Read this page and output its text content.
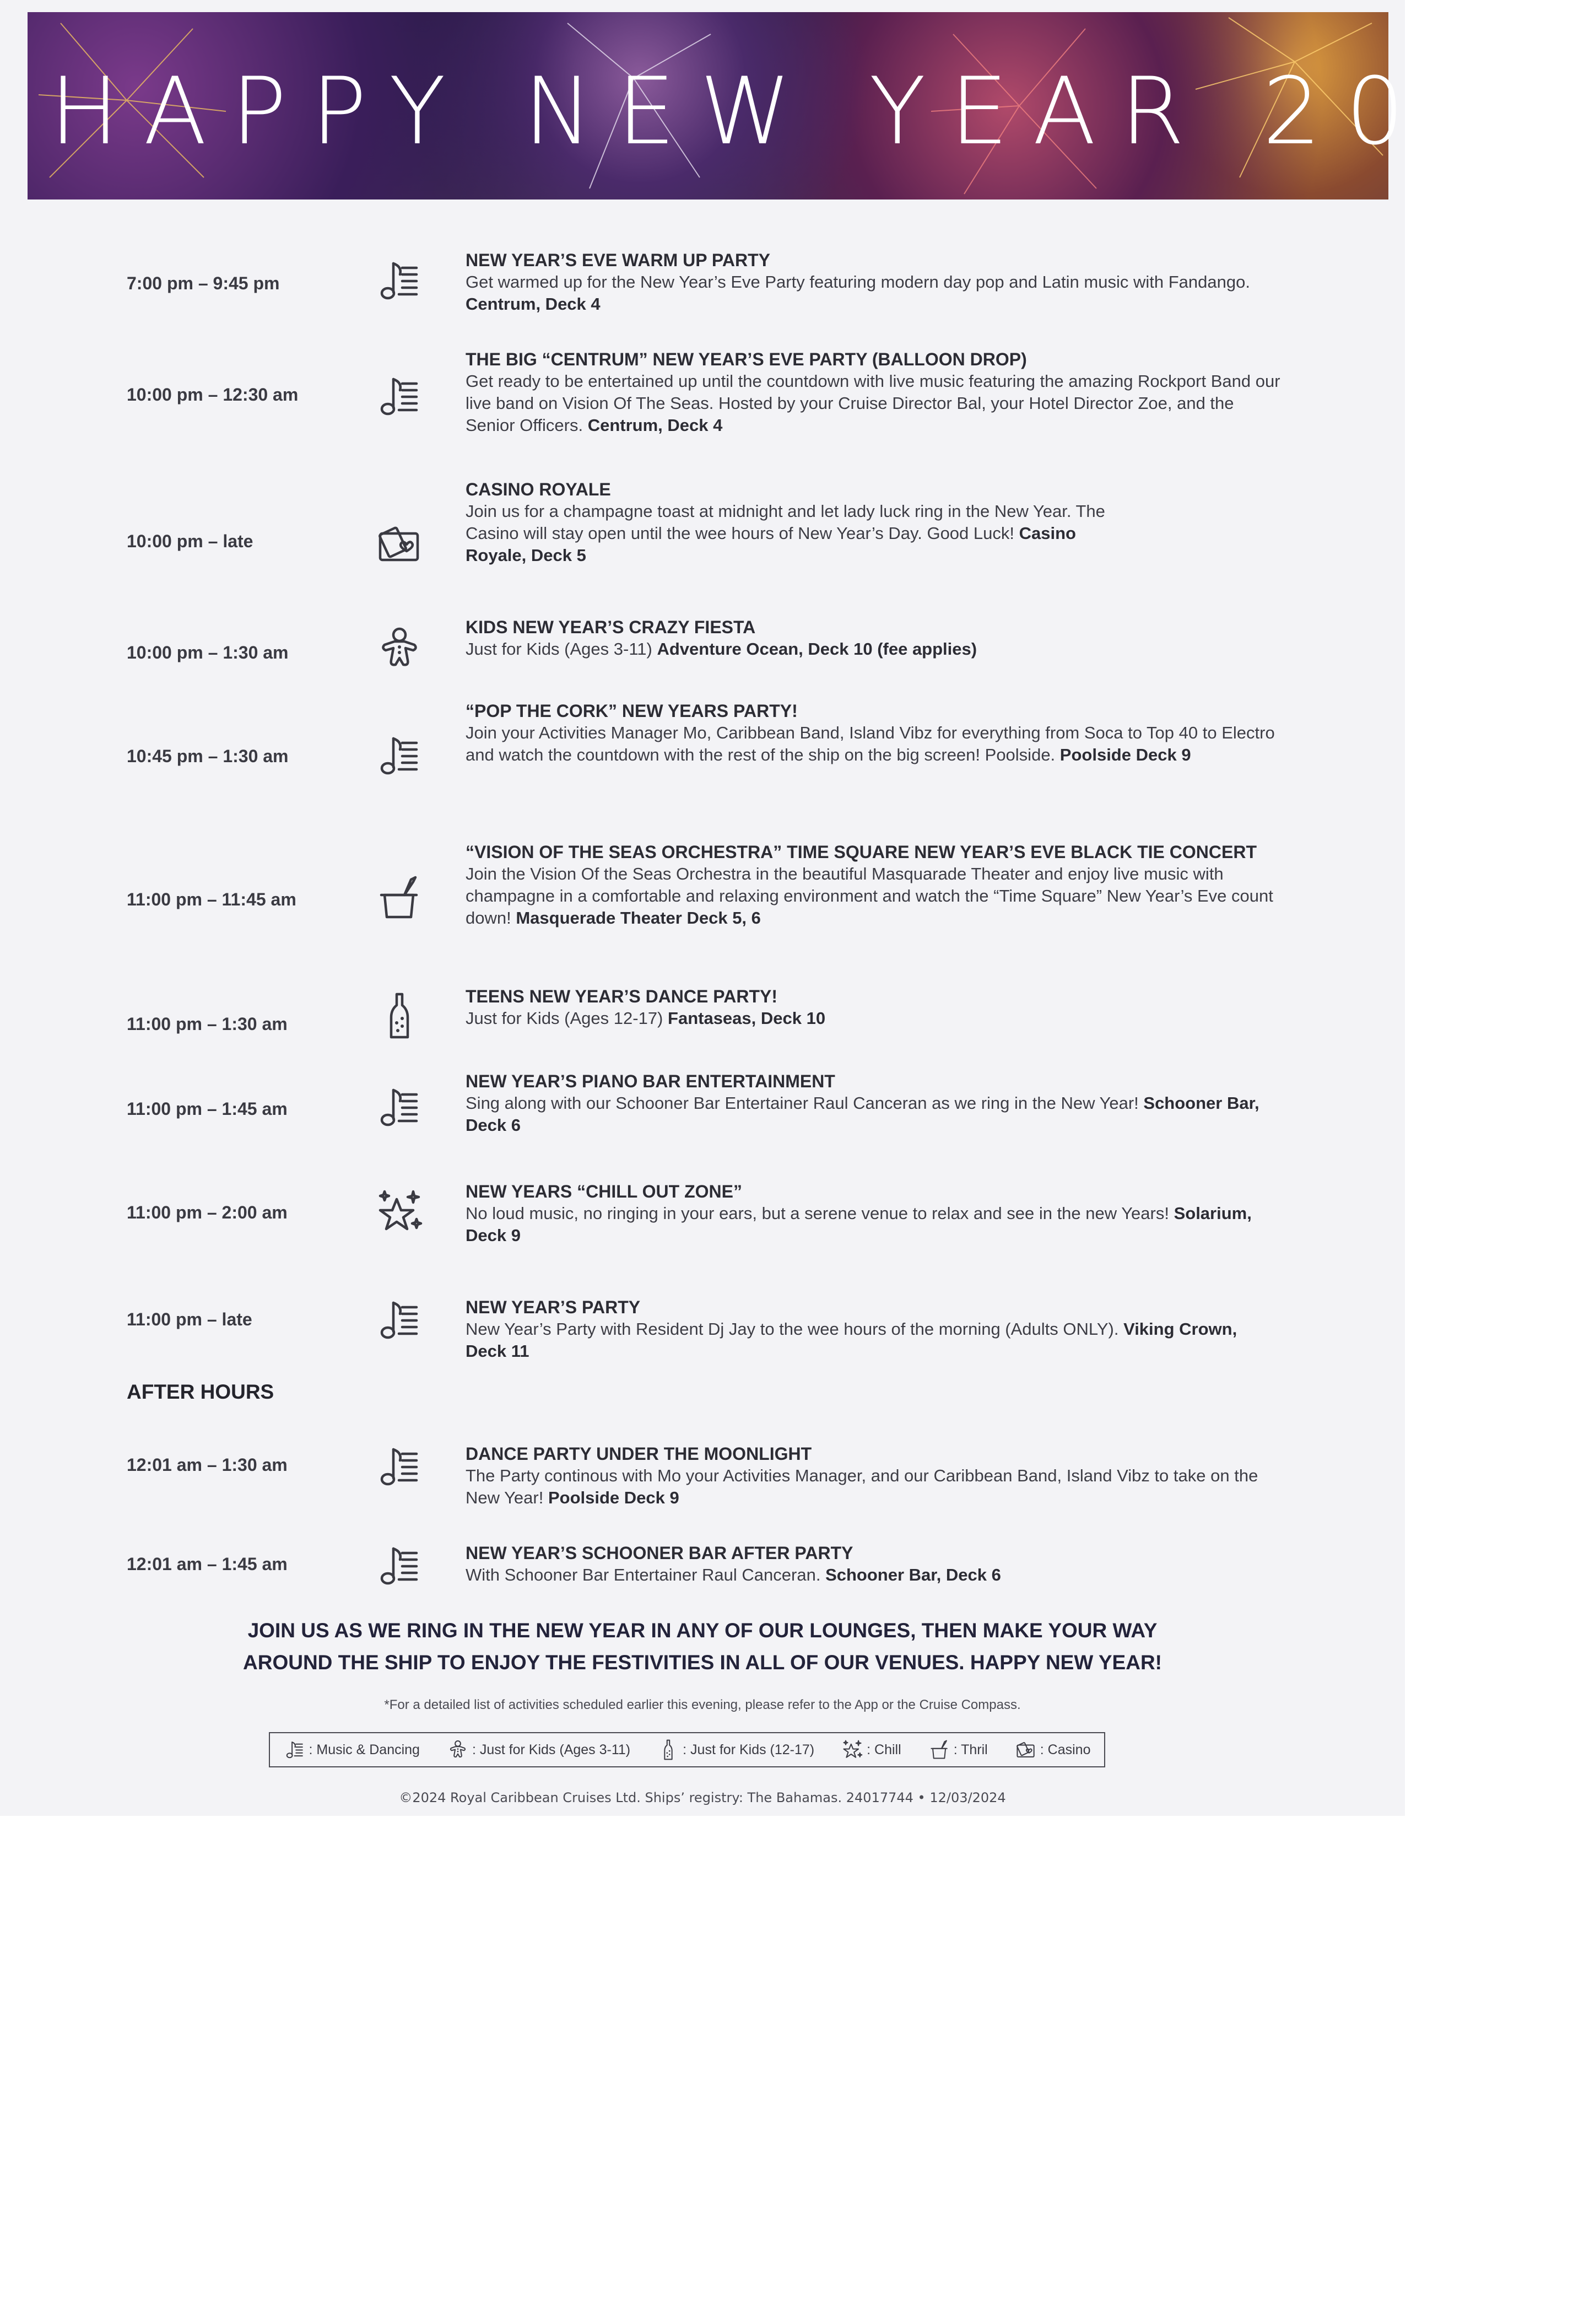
HAPPY NEW YEAR 2025
7:00 pm – 9:45 pm
NEW YEAR’S EVE WARM UP PARTY
Get warmed up for the New Year’s Eve Party featuring modern day pop and Latin music with Fandango. Centrum, Deck 4
10:00 pm – 12:30 am
THE BIG “CENTRUM” NEW YEAR’S EVE PARTY (BALLOON DROP)
Get ready to be entertained up until the countdown with live music featuring the amazing Rockport Band our live band on Vision Of The Seas. Hosted by your Cruise Director Bal, your Hotel Director Zoe, and the Senior Officers. Centrum, Deck 4
10:00 pm – late
CASINO ROYALE
Join us for a champagne toast at midnight and let lady luck ring in the New Year. The Casino will stay open until the wee hours of New Year’s Day. Good Luck! Casino Royale, Deck 5
10:00 pm – 1:30 am
KIDS NEW YEAR’S CRAZY FIESTA
Just for Kids (Ages 3-11) Adventure Ocean, Deck 10 (fee applies)
10:45 pm – 1:30 am
“POP THE CORK” NEW YEARS PARTY!
Join your Activities Manager Mo, Caribbean Band, Island Vibz for everything from Soca to Top 40 to Electro and watch the countdown with the rest of the ship on the big screen! Poolside. Poolside Deck 9
11:00 pm – 11:45 am
“VISION OF THE SEAS ORCHESTRA” TIME SQUARE NEW YEAR’S EVE BLACK TIE CONCERT
Join the Vision Of the Seas Orchestra in the beautiful Masquarade Theater and enjoy live music with champagne in a comfortable and relaxing environment and watch the “Time Square” New Year’s Eve count down! Masquerade Theater Deck 5, 6
11:00 pm – 1:30 am
TEENS NEW YEAR’S DANCE PARTY!
Just for Kids (Ages 12-17) Fantaseas, Deck 10
11:00 pm – 1:45 am
NEW YEAR’S PIANO BAR ENTERTAINMENT
Sing along with our Schooner Bar Entertainer Raul Canceran as we ring in the New Year! Schooner Bar, Deck 6
11:00 pm – 2:00 am
NEW YEARS “CHILL OUT ZONE”
No loud music, no ringing in your ears, but a serene venue to relax and see in the new Years! Solarium, Deck 9
11:00 pm – late
NEW YEAR’S PARTY
New Year’s Party with Resident Dj Jay to the wee hours of the morning (Adults ONLY). Viking Crown, Deck 11
AFTER HOURS
12:01 am – 1:30 am
DANCE PARTY UNDER THE MOONLIGHT
The Party continous with Mo your Activities Manager, and our Caribbean Band, Island Vibz to take on the New Year! Poolside Deck 9
12:01 am – 1:45 am
NEW YEAR’S SCHOONER BAR AFTER PARTY
With Schooner Bar Entertainer Raul Canceran. Schooner Bar, Deck 6
JOIN US AS WE RING IN THE NEW YEAR IN ANY OF OUR LOUNGES, THEN MAKE YOUR WAY
AROUND THE SHIP TO ENJOY THE FESTIVITIES IN ALL OF OUR VENUES. HAPPY NEW YEAR!
*For a detailed list of activities scheduled earlier this evening, please refer to the App or the Cruise Compass.
: Music & Dancing	: Just for Kids (Ages 3-11)	: Just for Kids (12-17)	: Chill	: Thril	: Casino
©2024 Royal Caribbean Cruises Ltd. Ships’ registry: The Bahamas. 24017744 • 12/03/2024
